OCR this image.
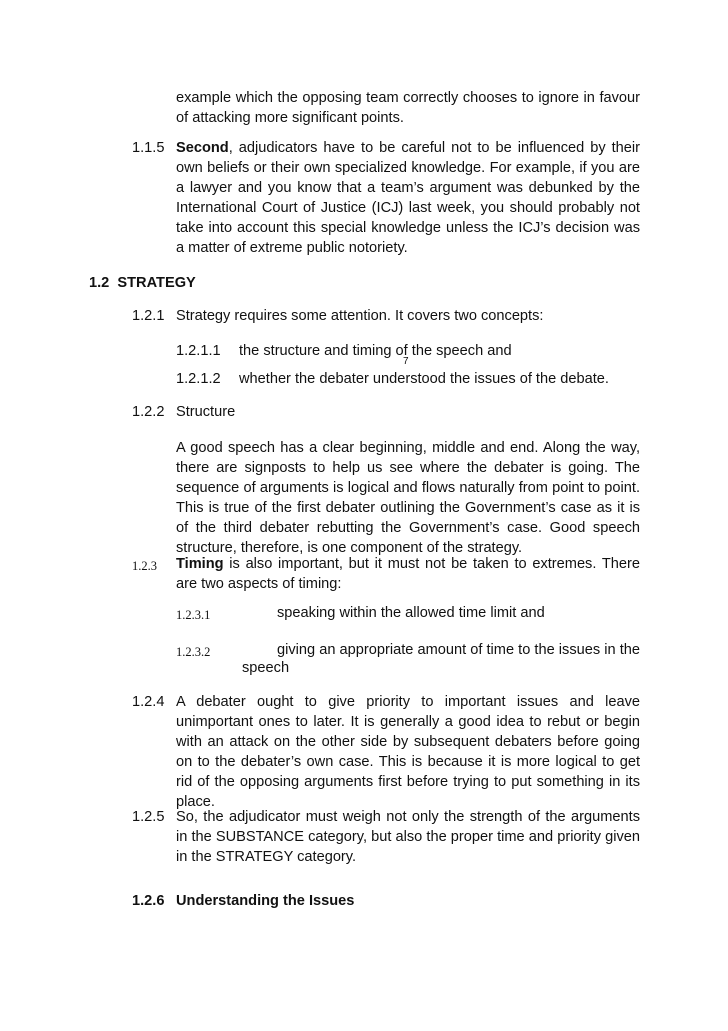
example which the opposing team correctly chooses to ignore in favour of attacking more significant points.
1.1.5 Second, adjudicators have to be careful not to be influenced by their own beliefs or their own specialized knowledge. For example, if you are a lawyer and you know that a team’s argument was debunked by the International Court of Justice (ICJ) last week, you should probably not take into account this special knowledge unless the ICJ’s decision was a matter of extreme public notoriety.
1.2 STRATEGY
1.2.1 Strategy requires some attention. It covers two concepts:
1.2.1.1 the structure and timing of the speech and
7
1.2.1.2 whether the debater understood the issues of the debate.
1.2.2 Structure
A good speech has a clear beginning, middle and end. Along the way, there are signposts to help us see where the debater is going. The sequence of arguments is logical and flows naturally from point to point. This is true of the first debater outlining the Government’s case as it is of the third debater rebutting the Government’s case. Good speech structure, therefore, is one component of the strategy.
1.2.3 Timing is also important, but it must not be taken to extremes. There are two aspects of timing:
1.2.3.1	speaking within the allowed time limit and
1.2.3.2	giving an appropriate amount of time to the issues in the
speech
1.2.4 A debater ought to give priority to important issues and leave unimportant ones to later. It is generally a good idea to rebut or begin with an attack on the other side by subsequent debaters before going on to the debater’s own case. This is because it is more logical to get rid of the opposing arguments first before trying to put something in its place.
1.2.5 So, the adjudicator must weigh not only the strength of the arguments in the SUBSTANCE category, but also the proper time and priority given in the STRATEGY category.
1.2.6 Understanding the Issues
